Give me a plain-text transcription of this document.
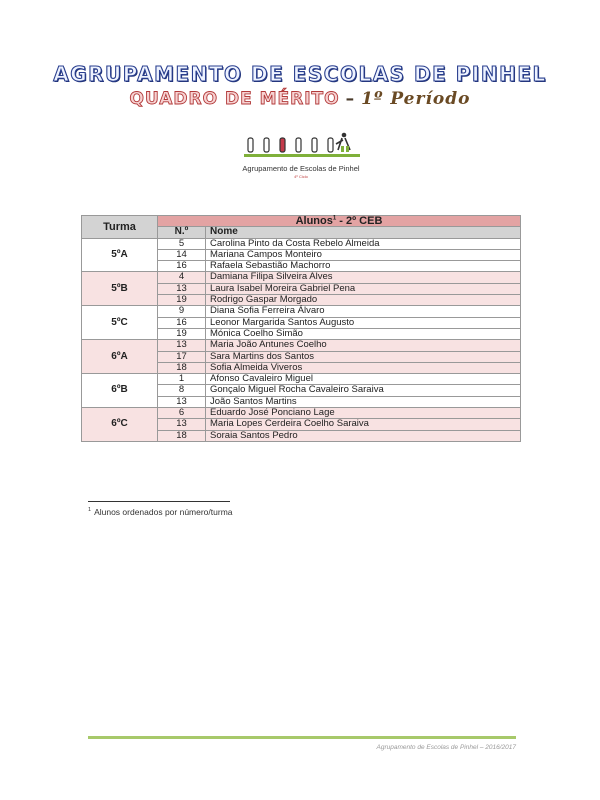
AGRUPAMENTO DE ESCOLAS DE PINHEL
QUADRO DE MÉRITO – 1º Período
Agrupamento de Escolas de Pinhel
4º Ciclo
Turma	Alunos$^1$ - 2º CEB	
	N.º	Nome
5ºA	5	Carolina Pinto da Costa Rebelo Almeida
	14	Mariana Campos Monteiro
	16	Rafaela Sebastião Machorro
5ºB	4	Damiana Filipa Silveira Alves
	13	Laura Isabel Moreira Gabriel Pena
	19	Rodrigo Gaspar Morgado
5ºC	9	Diana Sofia Ferreira Álvaro
	16	Leonor Margarida Santos Augusto
	19	Mónica Coelho Simão
6ºA	13	Maria João Antunes Coelho
	17	Sara Martins dos Santos
	18	Sofia Almeida Viveros
6ºB	1	Afonso Cavaleiro Miguel
	8	Gonçalo Miguel Rocha Cavaleiro Saraiva
	13	João Santos Martins
6ºC	6	Eduardo José Ponciano Lage
	13	Maria Lopes Cerdeira Coelho Saraiva
	18	Soraia Santos Pedro
$^1$ Alunos ordenados por número/turma
Agrupamento de Escolas de Pinhel – 2016/2017
